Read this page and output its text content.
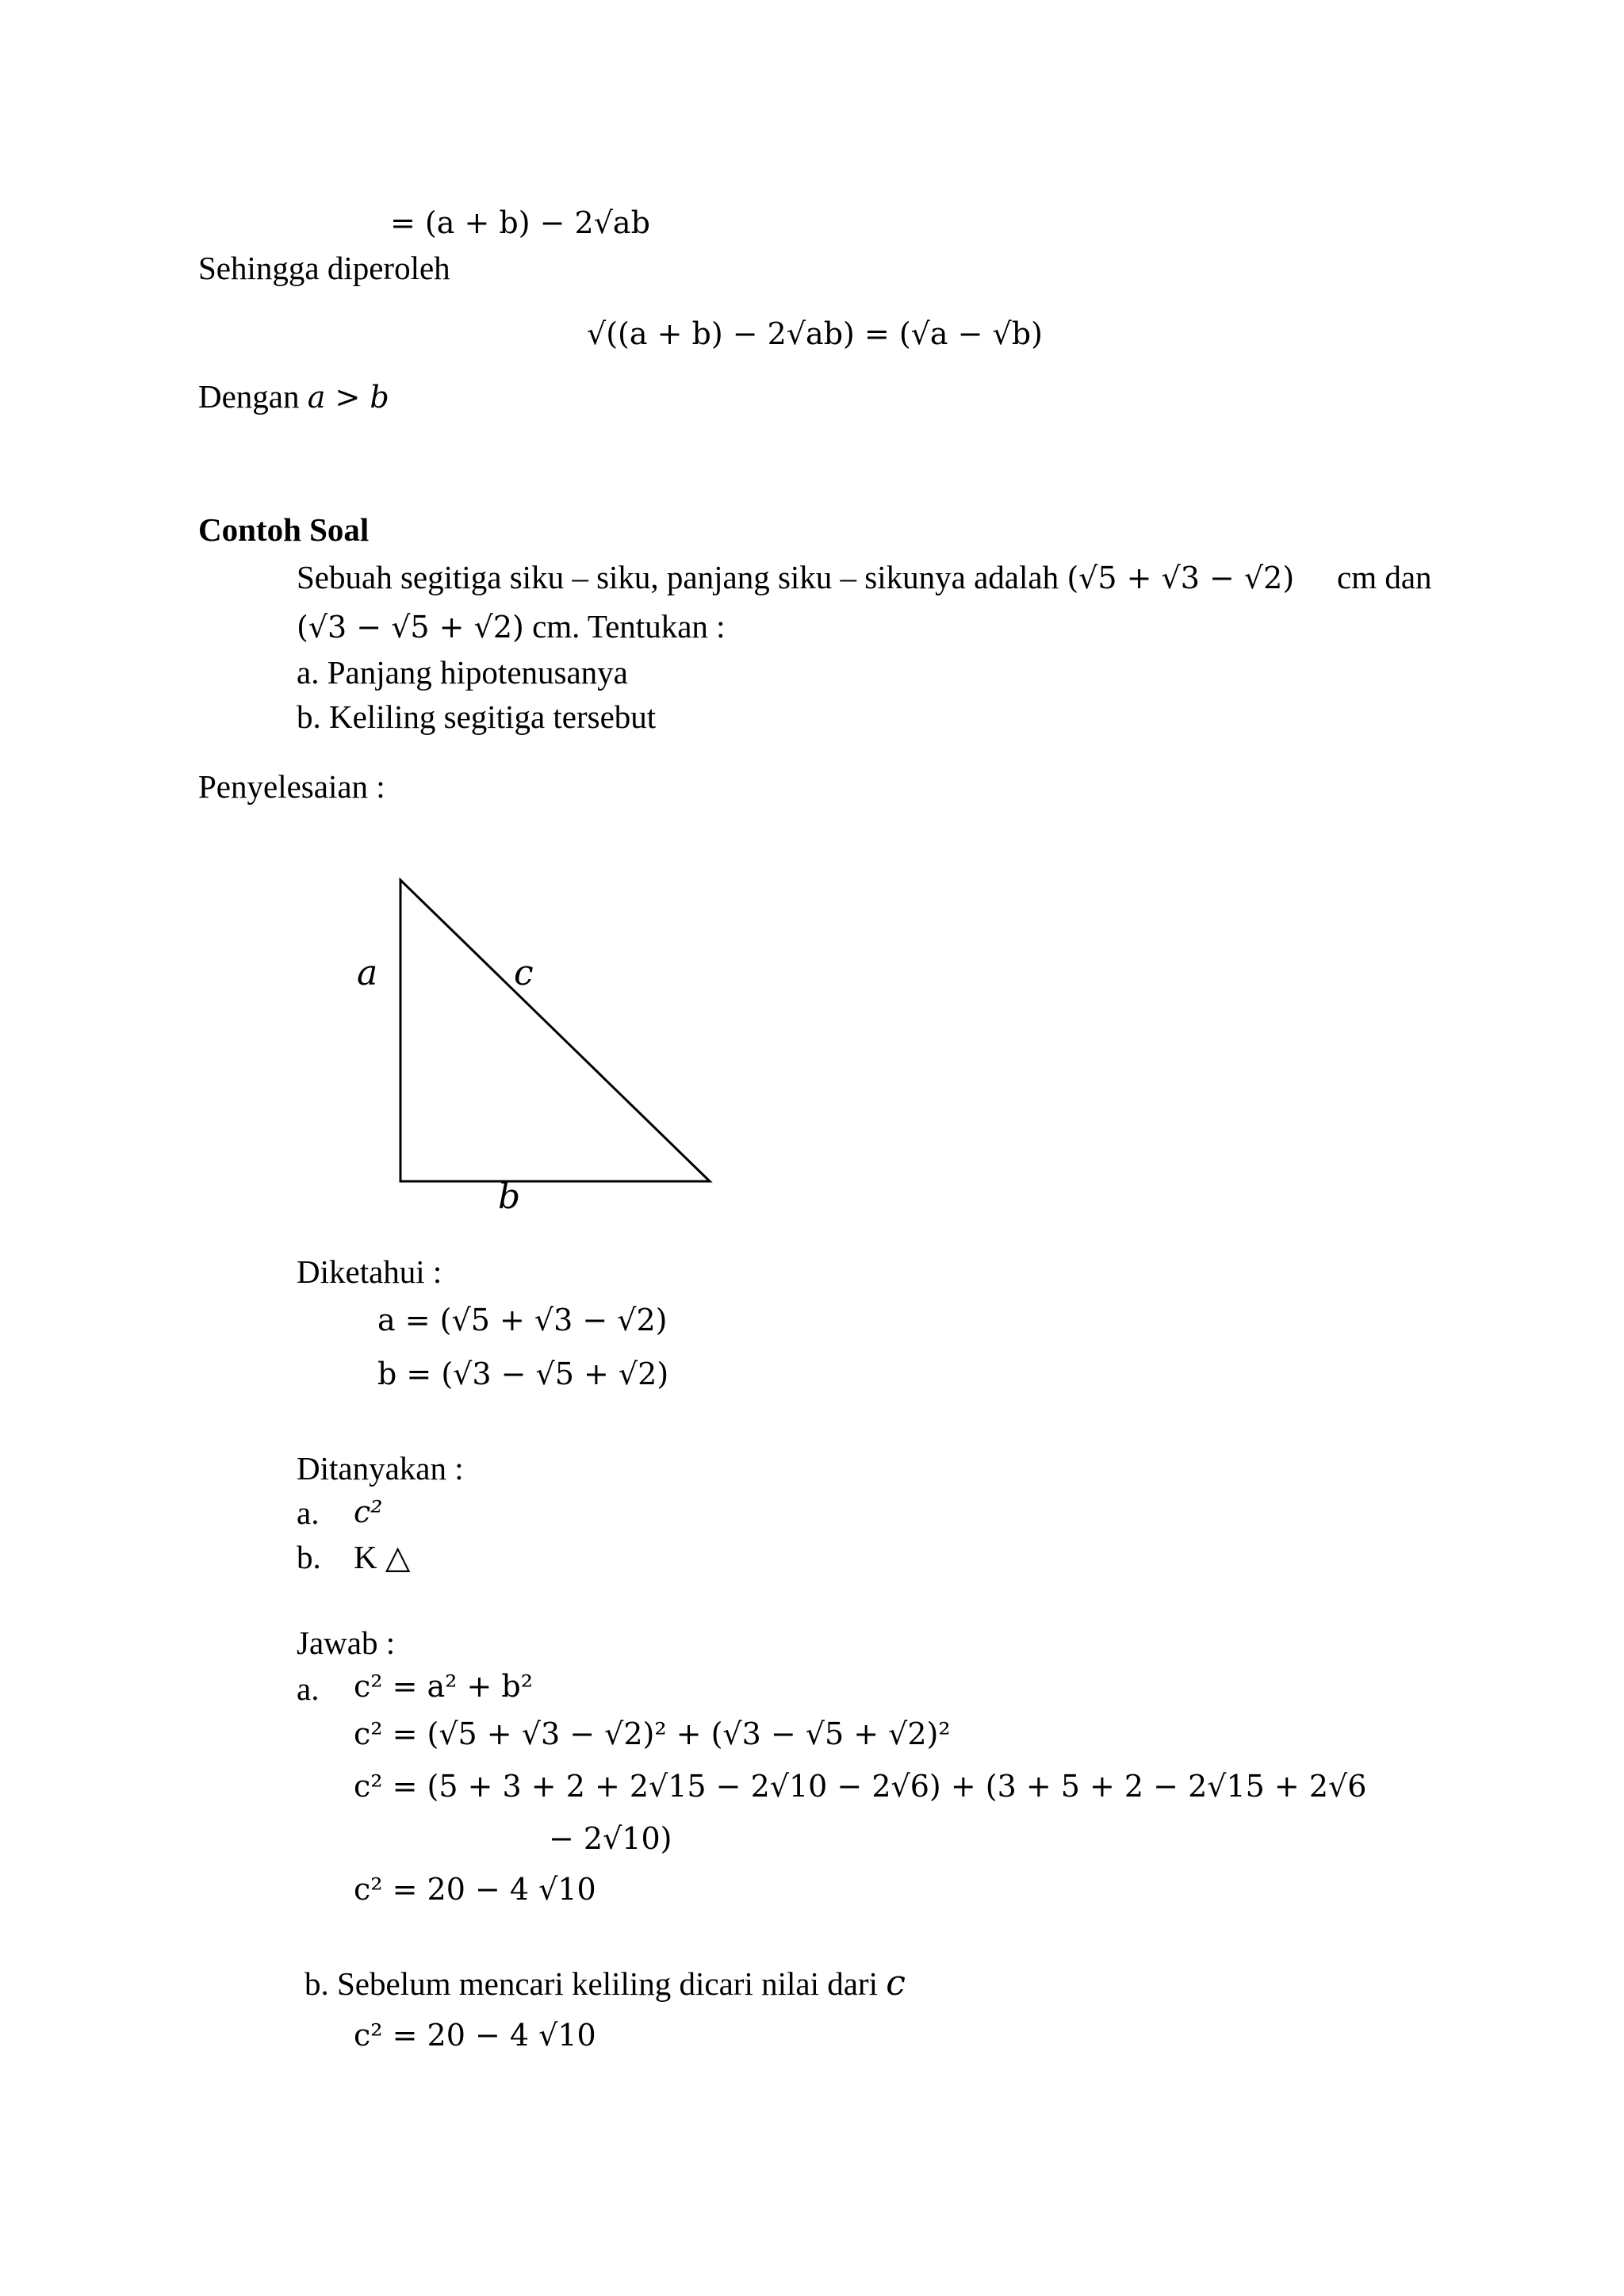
= (a + b) − 2√ab
Sehingga diperoleh
√((a + b) − 2√ab) = (√a − √b)
Dengan a > b
Contoh Soal
Sebuah segitiga siku – siku, panjang siku – sikunya adalah (√5 + √3 − √2) cm dan
(√3 − √5 + √2) cm. Tentukan :
a. Panjang hipotenusanya
b. Keliling segitiga tersebut
Penyelesaian :
a	c
b
Diketahui :
a = (√5 + √3 − √2)
b = (√3 − √5 + √2)
Ditanyakan :
a. c²
b. K △
Jawab :
a. c² = a² + b²
c² = (√5 + √3 − √2)² + (√3 − √5 + √2)²
c² = (5 + 3 + 2 + 2√15 − 2√10 − 2√6) + (3 + 5 + 2 − 2√15 + 2√6
− 2√10)
c² = 20 − 4 √10
b. Sebelum mencari keliling dicari nilai dari c
c² = 20 − 4 √10
